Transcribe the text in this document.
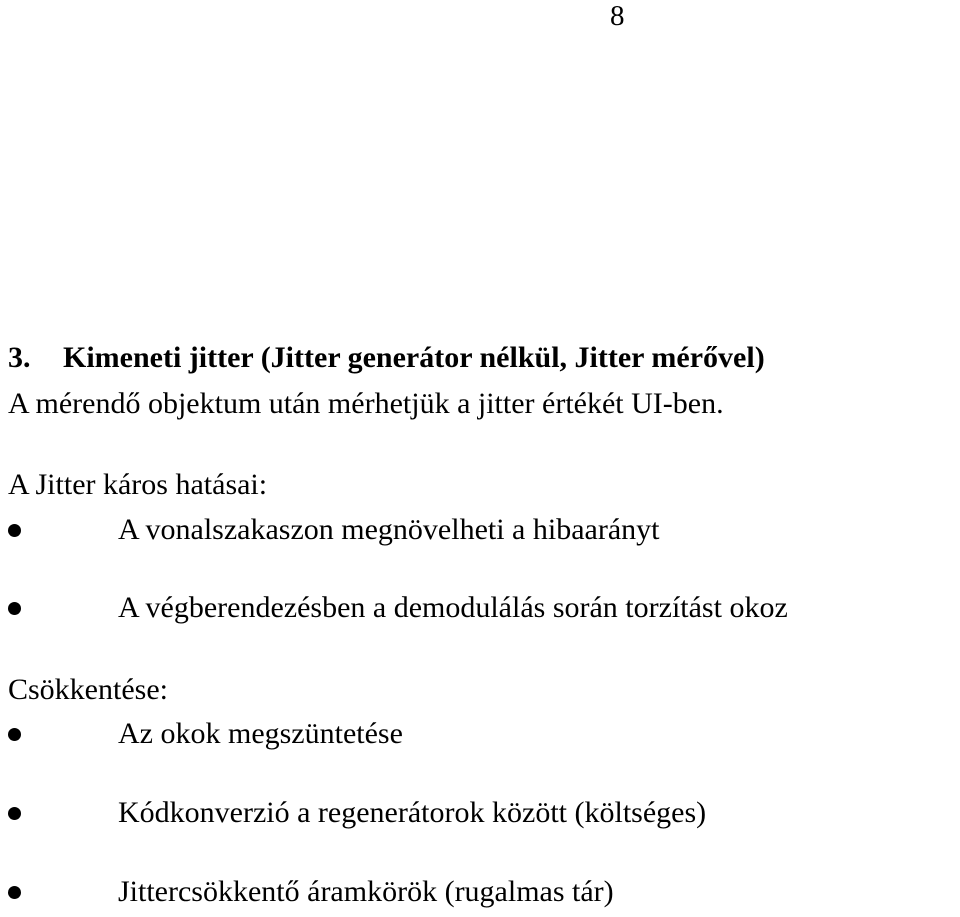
8
3. Kimeneti jitter (Jitter generátor nélkül, Jitter mérővel)
A mérendő objektum után mérhetjük a jitter értékét UI-ben.
A Jitter káros hatásai:
A vonalszakaszon megnövelheti a hibaarányt
A végberendezésben a demodulálás során torzítást okoz
Csökkentése:
Az okok megszüntetése
Kódkonverzió a regenerátorok között (költséges)
Jittercsökkentő áramkörök (rugalmas tár)
